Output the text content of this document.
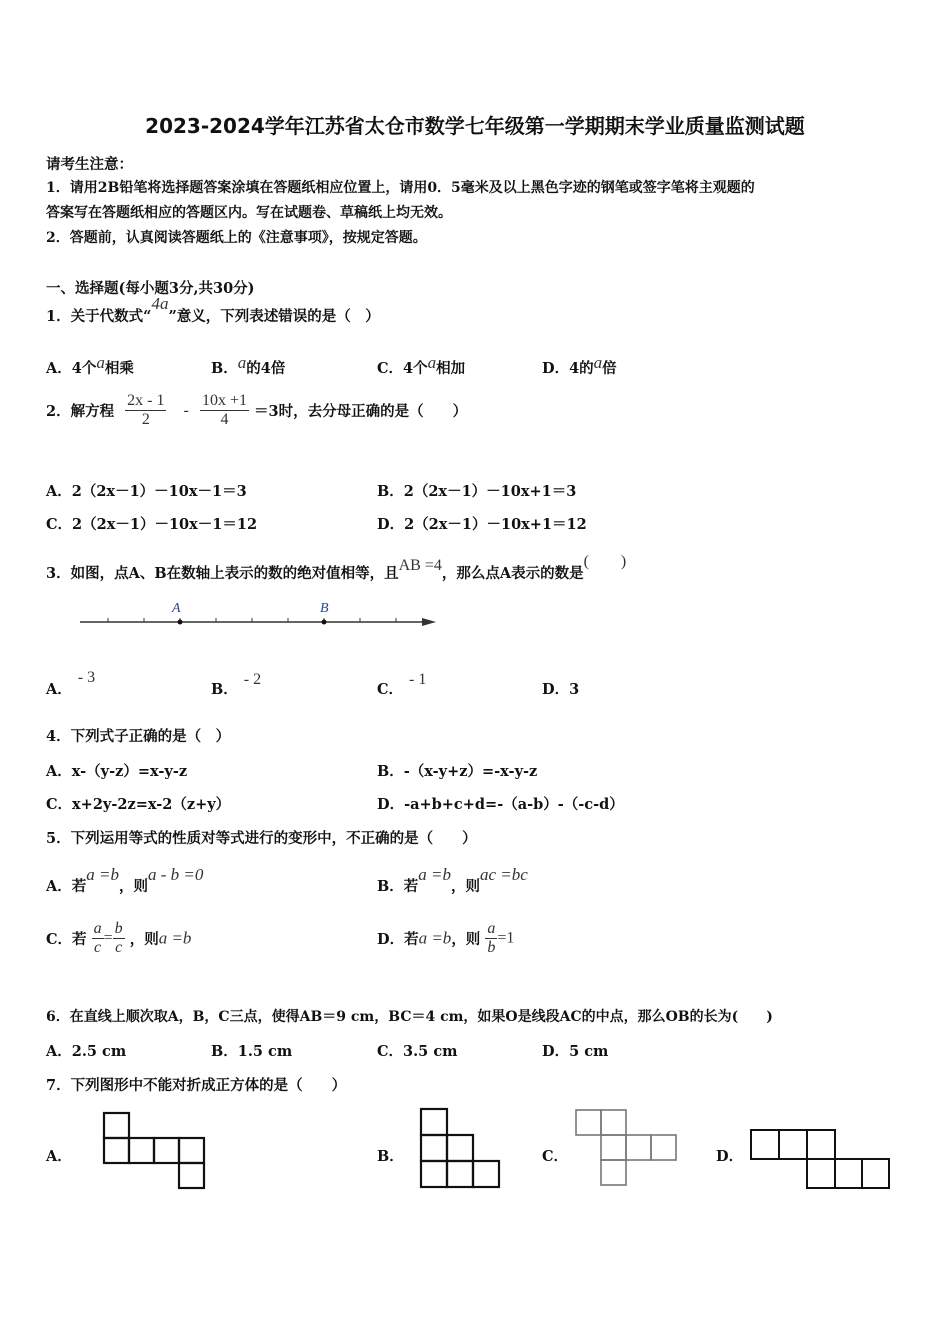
2023-2024学年江苏省太仓市数学七年级第一学期期末学业质量监测试题
请考生注意：
1．请用2B铅笔将选择题答案涂填在答题纸相应位置上，请用0．5毫米及以上黑色字迹的钢笔或签字笔将主观题的
答案写在答题纸相应的答题区内。写在试题卷、草稿纸上均无效。
2．答题前，认真阅读答题纸上的《注意事项》，按规定答题。
一、选择题(每小题3分,共30分)
1．关于代数式“4a”意义，下列表述错误的是（　）
A．4个a相乘	B．a的4倍	C．4个a相加	D．4的a倍
2．解方程 $\frac{2x - 1}{2} - \frac{10x +1}{4} =3$时，去分母正确的是（　　）
A．2（2x－1）－10x－1＝3	B．2（2x－1）－10x+1＝3
C．2（2x－1）－10x－1＝12	D．2（2x－1）－10x+1＝12
3．如图，点A、B在数轴上表示的数的绝对值相等，且AB =4，那么点A表示的数是(　　)
A	B
A．- 3
B．- 2
C．- 1
D．3
4．下列式子正确的是（　）
A．x-（y-z）=x-y-z	B．-（x-y+z）=-x-y-z
C．x+2y-2z=x-2（z+y）	D．-a+b+c+d=-（a-b）-（-c-d）
5．下列运用等式的性质对等式进行的变形中，不正确的是（　　）
A．若a =b，则a - b =0
B．若a =b，则ac =bc
C．若 $\frac{a}{c} = \frac{b}{c}$ ，则a =b	D．若a =b，则 $\frac{a}{b} =1$
6．在直线上顺次取A，B，C三点，使得AB＝9 cm，BC＝4 cm，如果O是线段AC的中点，那么OB的长为(　　)
A．2.5 cm	B．1.5 cm	C．3.5 cm	D．5 cm
7．下列图形中不能对折成正方体的是（　　）
A．	B．	C．	D．
